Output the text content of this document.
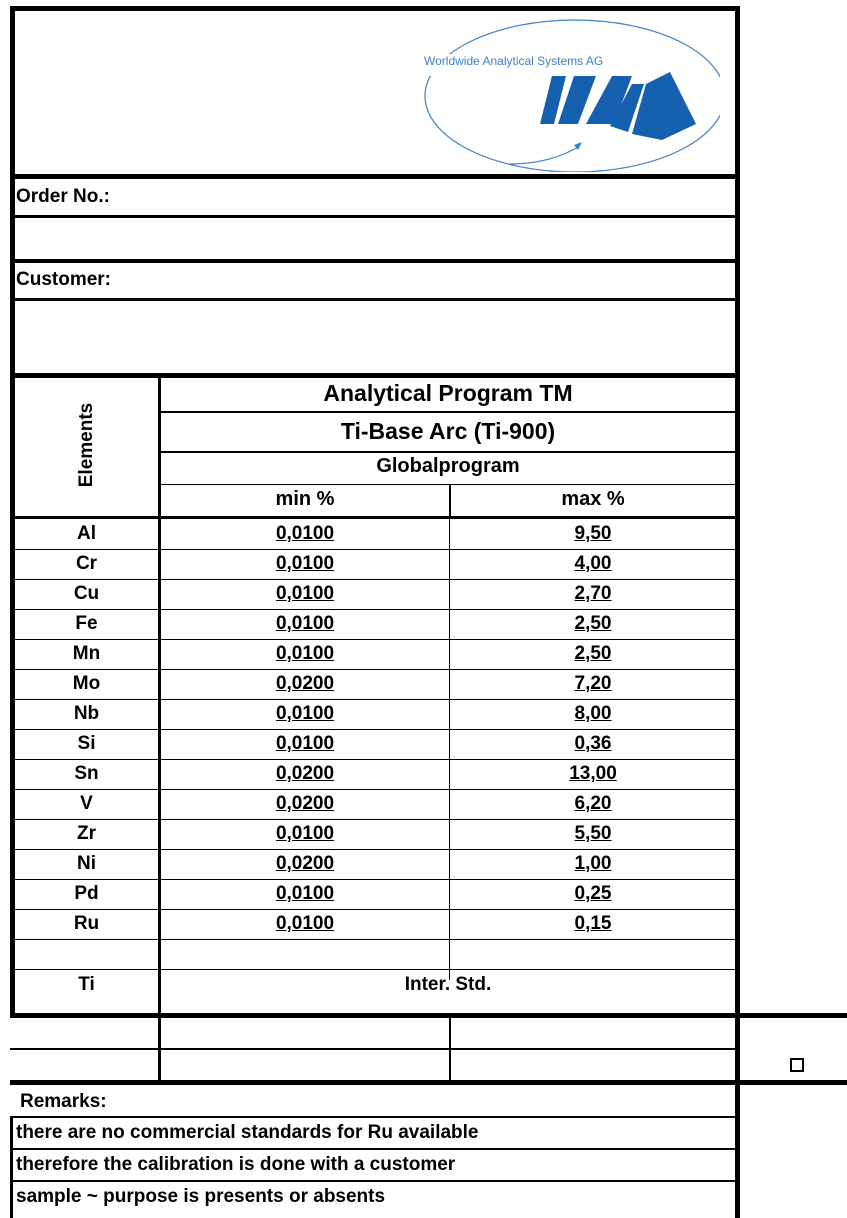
Worldwide Analytical Systems AG
Order No.:
Customer:
Elements
Analytical Program TM
Ti-Base Arc (Ti-900)
Globalprogram
min %	max %
Al	0,0100	9,50
Cr	0,0100	4,00
Cu	0,0100	2,70
Fe	0,0100	2,50
Mn	0,0100	2,50
Mo	0,0200	7,20
Nb	0,0100	8,00
Si	0,0100	0,36
Sn	0,0200	13,00
V	0,0200	6,20
Zr	0,0100	5,50
Ni	0,0200	1,00
Pd	0,0100	0,25
Ru	0,0100	0,15
Ti	Inter. Std.
Remarks:
there are no commercial standards for Ru available
therefore the calibration is done with a customer
sample ~ purpose is presents or absents
